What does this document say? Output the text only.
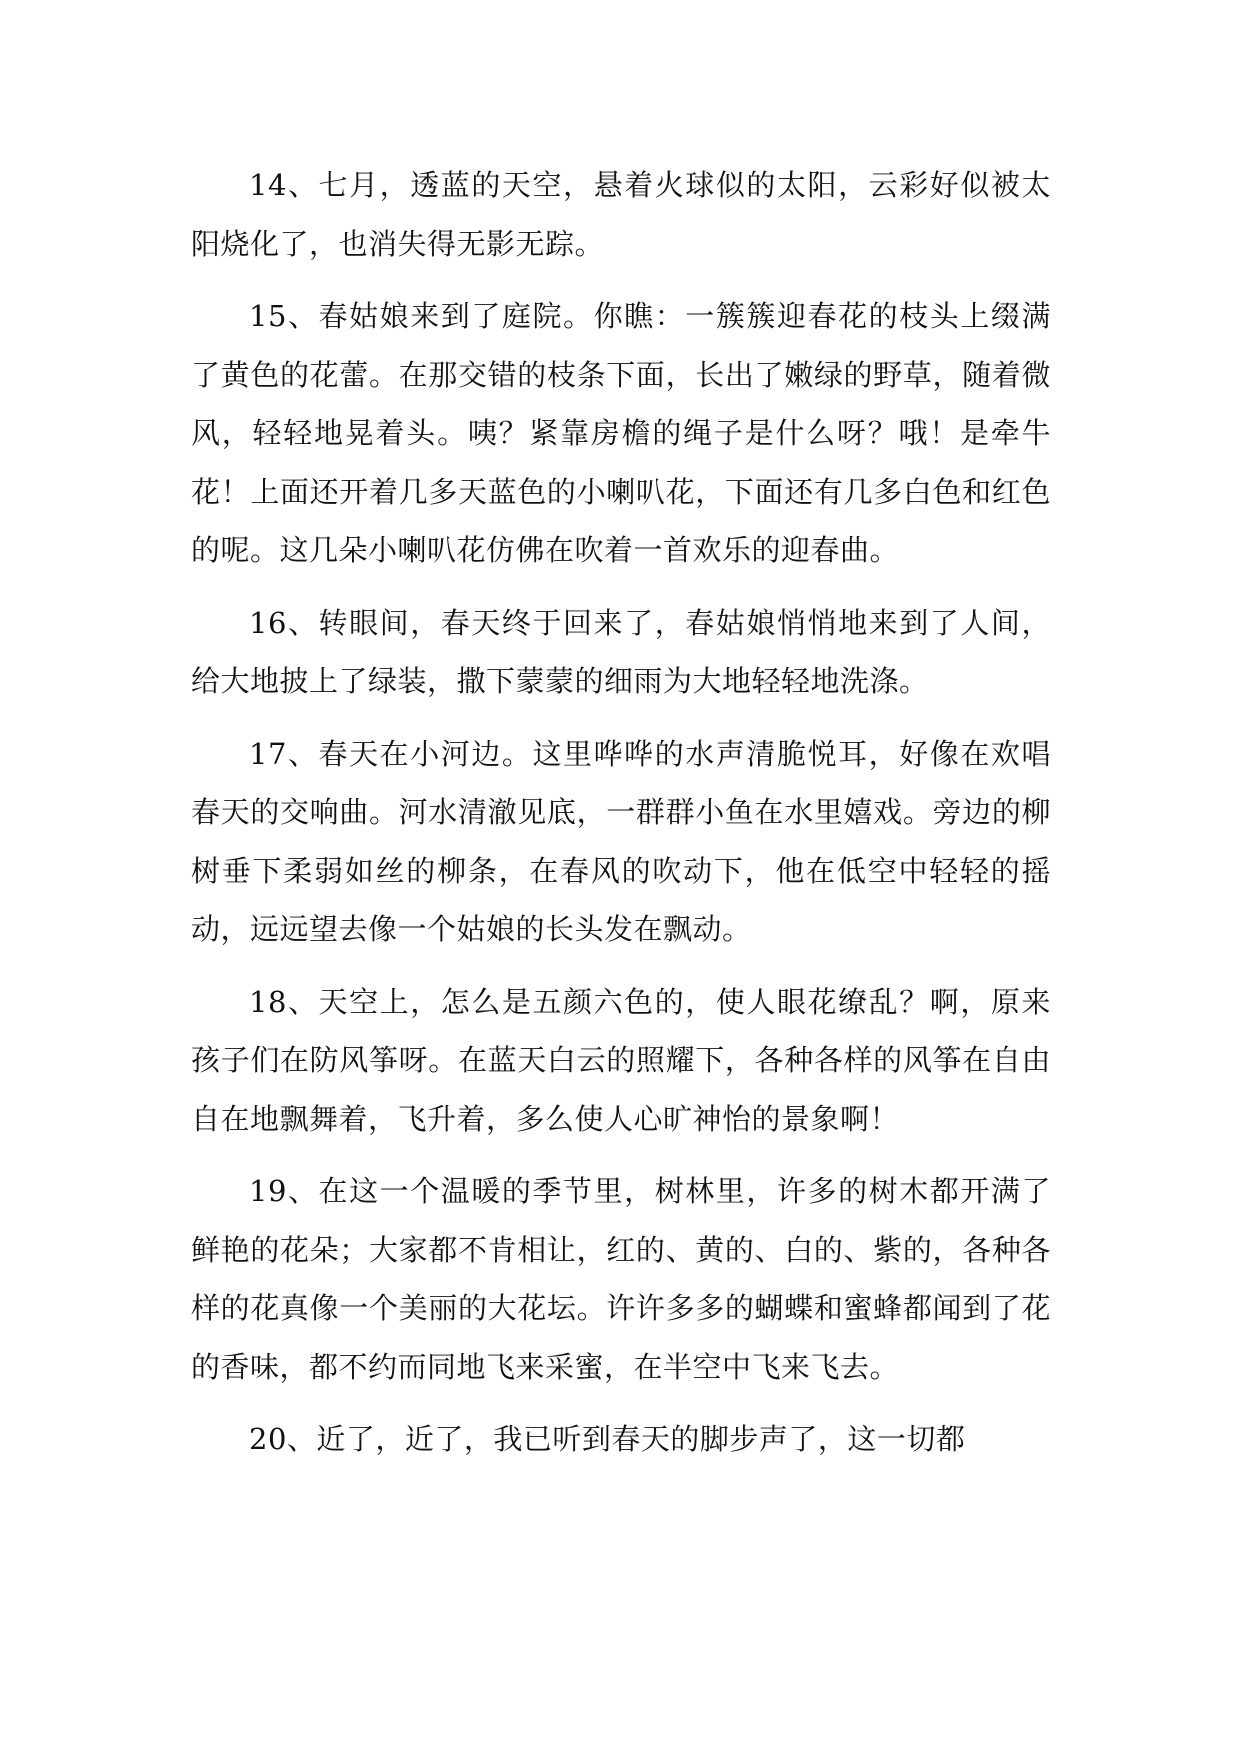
14、七月，透蓝的天空，悬着火球似的太阳，云彩好似被太阳烧化了，也消失得无影无踪。

15、春姑娘来到了庭院。你瞧：一簇簇迎春花的枝头上缀满了黄色的花蕾。在那交错的枝条下面，长出了嫩绿的野草，随着微风，轻轻地晃着头。咦？紧靠房檐的绳子是什么呀？哦！是牵牛花！上面还开着几多天蓝色的小喇叭花，下面还有几多白色和红色的呢。这几朵小喇叭花仿佛在吹着一首欢乐的迎春曲。

16、转眼间，春天终于回来了，春姑娘悄悄地来到了人间，给大地披上了绿装，撒下蒙蒙的细雨为大地轻轻地洗涤。

17、春天在小河边。这里哗哗的水声清脆悦耳，好像在欢唱春天的交响曲。河水清澈见底，一群群小鱼在水里嬉戏。旁边的柳树垂下柔弱如丝的柳条，在春风的吹动下，他在低空中轻轻的摇动，远远望去像一个姑娘的长头发在飘动。

18、天空上，怎么是五颜六色的，使人眼花缭乱？啊，原来孩子们在防风筝呀。在蓝天白云的照耀下，各种各样的风筝在自由自在地飘舞着，飞升着，多么使人心旷神怡的景象啊！

19、在这一个温暖的季节里，树林里，许多的树木都开满了鲜艳的花朵；大家都不肯相让，红的、黄的、白的、紫的，各种各样的花真像一个美丽的大花坛。许许多多的蝴蝶和蜜蜂都闻到了花的香味，都不约而同地飞来采蜜，在半空中飞来飞去。

20、近了，近了，我已听到春天的脚步声了，这一切都
